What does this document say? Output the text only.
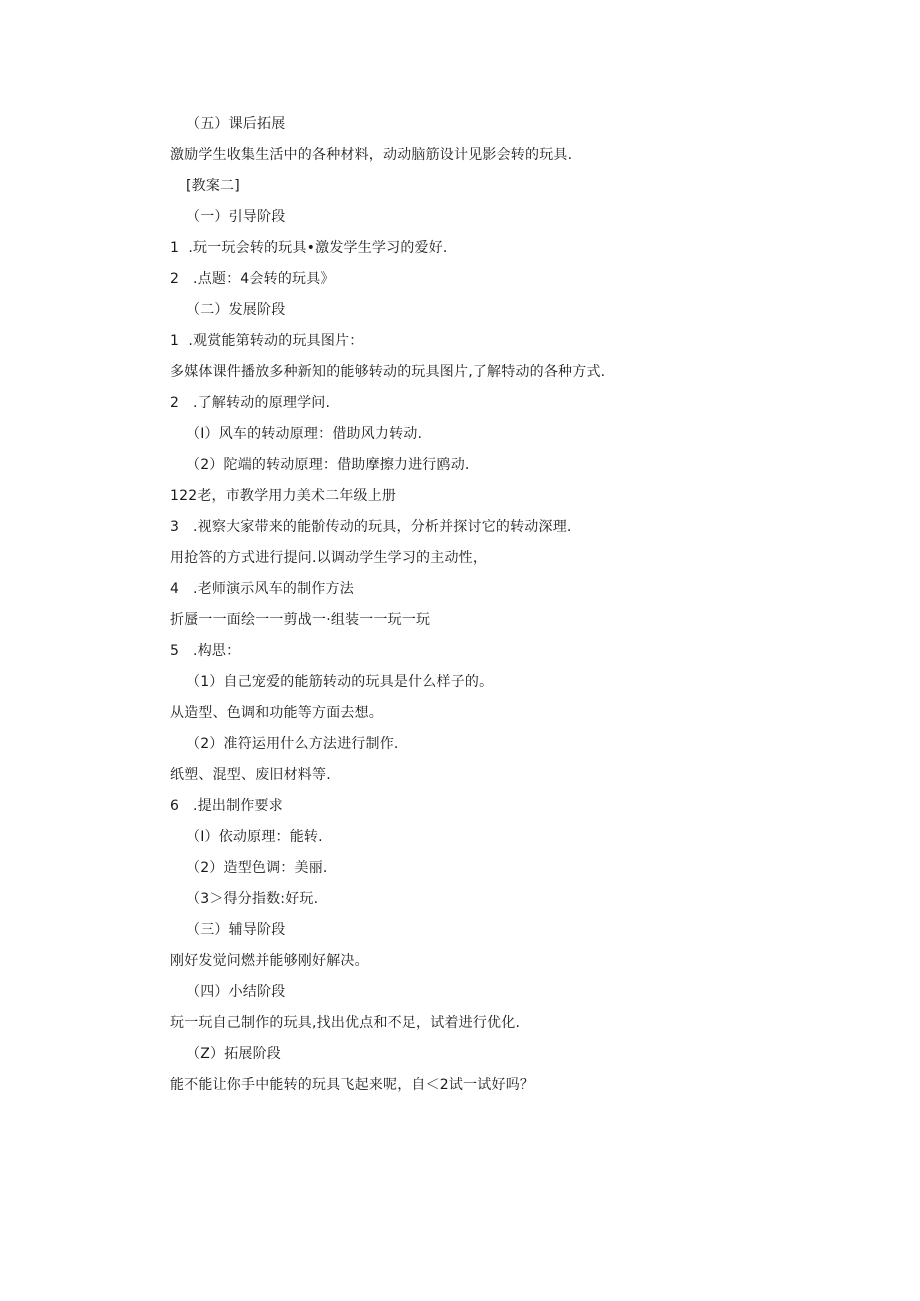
（五）课后拓展
激励学生收集生活中的各种材料，动动脑筋设计见影会转的玩具.
[教案二]
（一）引导阶段
1  .玩一玩会转的玩具•激发学生学习的爱好.
2   .点题：4会转的玩具》
（二）发展阶段
1  .观赏能第转动的玩具图片：
多媒体课件播放多种新知的能够转动的玩具图片,了解特动的各种方式.
2   .了解转动的原理学问.
（I）风车的转动原理：借助风力转动.
（2）陀端的转动原理：借助摩擦力进行鸥动.
122老，市教学用力美术二年级上册
3   .视察大家带来的能骱传动的玩具，分析并探讨它的转动深理.
用抢答的方式进行提问.以调动学生学习的主动性，
4   .老师演示风车的制作方法
折蜃一一面绘一一剪战一·组装一一玩一玩
5   .构思：
（1）自己宠爱的能筋转动的玩具是什么样子的。
从造型、色调和功能等方面去想。
（2）准符运用什么方法进行制作.
纸塑、混型、废旧材料等.
6   .提出制作要求
（I）依动原理：能转.
（2）造型色调：美丽.
（3＞得分指数:好玩.
（三）辅导阶段
刚好发觉问燃并能够刚好解决。
（四）小结阶段
玩一玩自己制作的玩具,找出优点和不足，试着进行优化.
（Z）拓展阶段
能不能让你手中能转的玩具飞起来呢，自＜2试一试好吗？
